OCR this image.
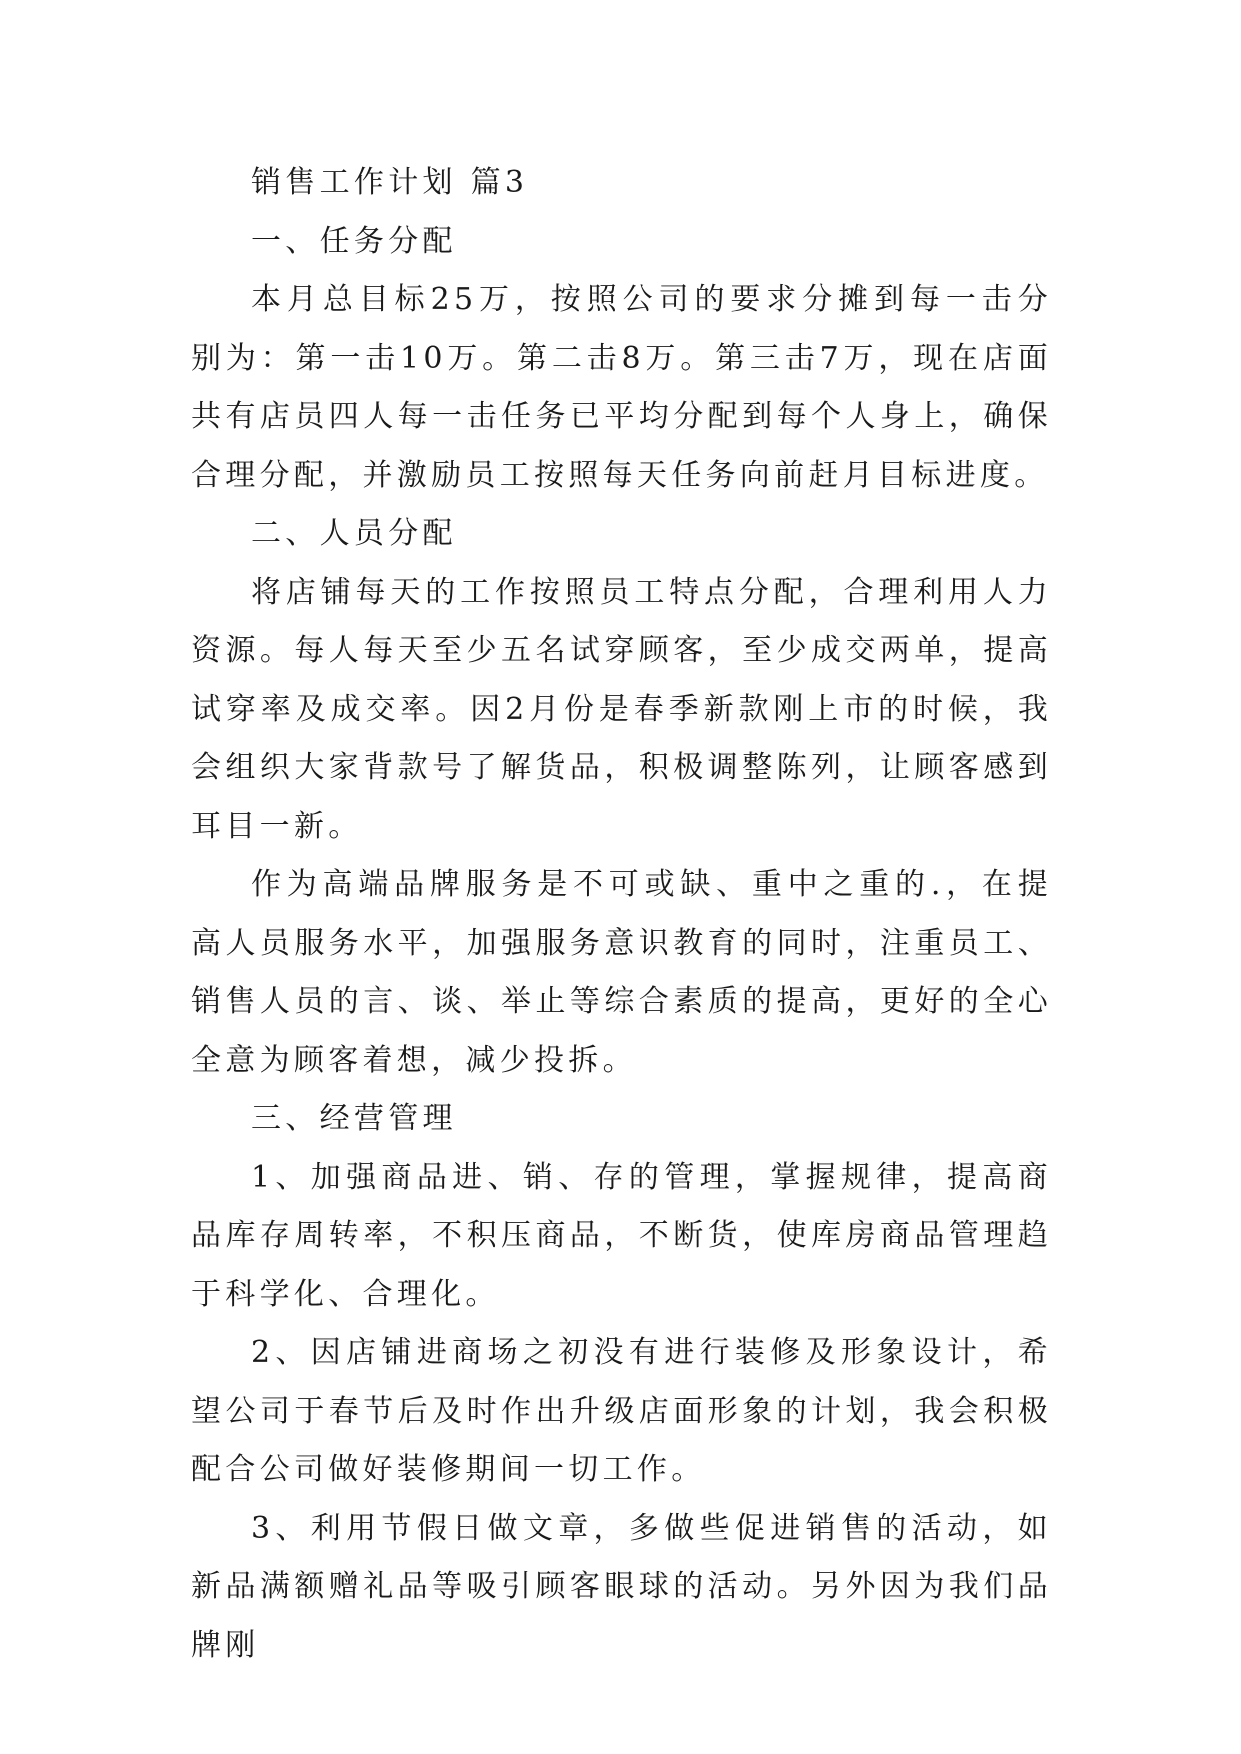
销售工作计划 篇3

一、任务分配

本月总目标25万，按照公司的要求分摊到每一击分别为：第一击10万。第二击8万。第三击7万，现在店面共有店员四人每一击任务已平均分配到每个人身上，确保合理分配，并激励员工按照每天任务向前赶月目标进度。

二、人员分配

将店铺每天的工作按照员工特点分配，合理利用人力资源。每人每天至少五名试穿顾客，至少成交两单，提高试穿率及成交率。因2月份是春季新款刚上市的时候，我会组织大家背款号了解货品，积极调整陈列，让顾客感到耳目一新。

作为高端品牌服务是不可或缺、重中之重的.，在提高人员服务水平，加强服务意识教育的同时，注重员工、销售人员的言、谈、举止等综合素质的提高，更好的全心全意为顾客着想，减少投拆。

三、经营管理

1、加强商品进、销、存的管理，掌握规律，提高商品库存周转率，不积压商品，不断货，使库房商品管理趋于科学化、合理化。

2、因店铺进商场之初没有进行装修及形象设计，希望公司于春节后及时作出升级店面形象的计划，我会积极配合公司做好装修期间一切工作。

3、利用节假日做文章，多做些促进销售的活动，如新品满额赠礼品等吸引顾客眼球的活动。另外因为我们品牌刚
